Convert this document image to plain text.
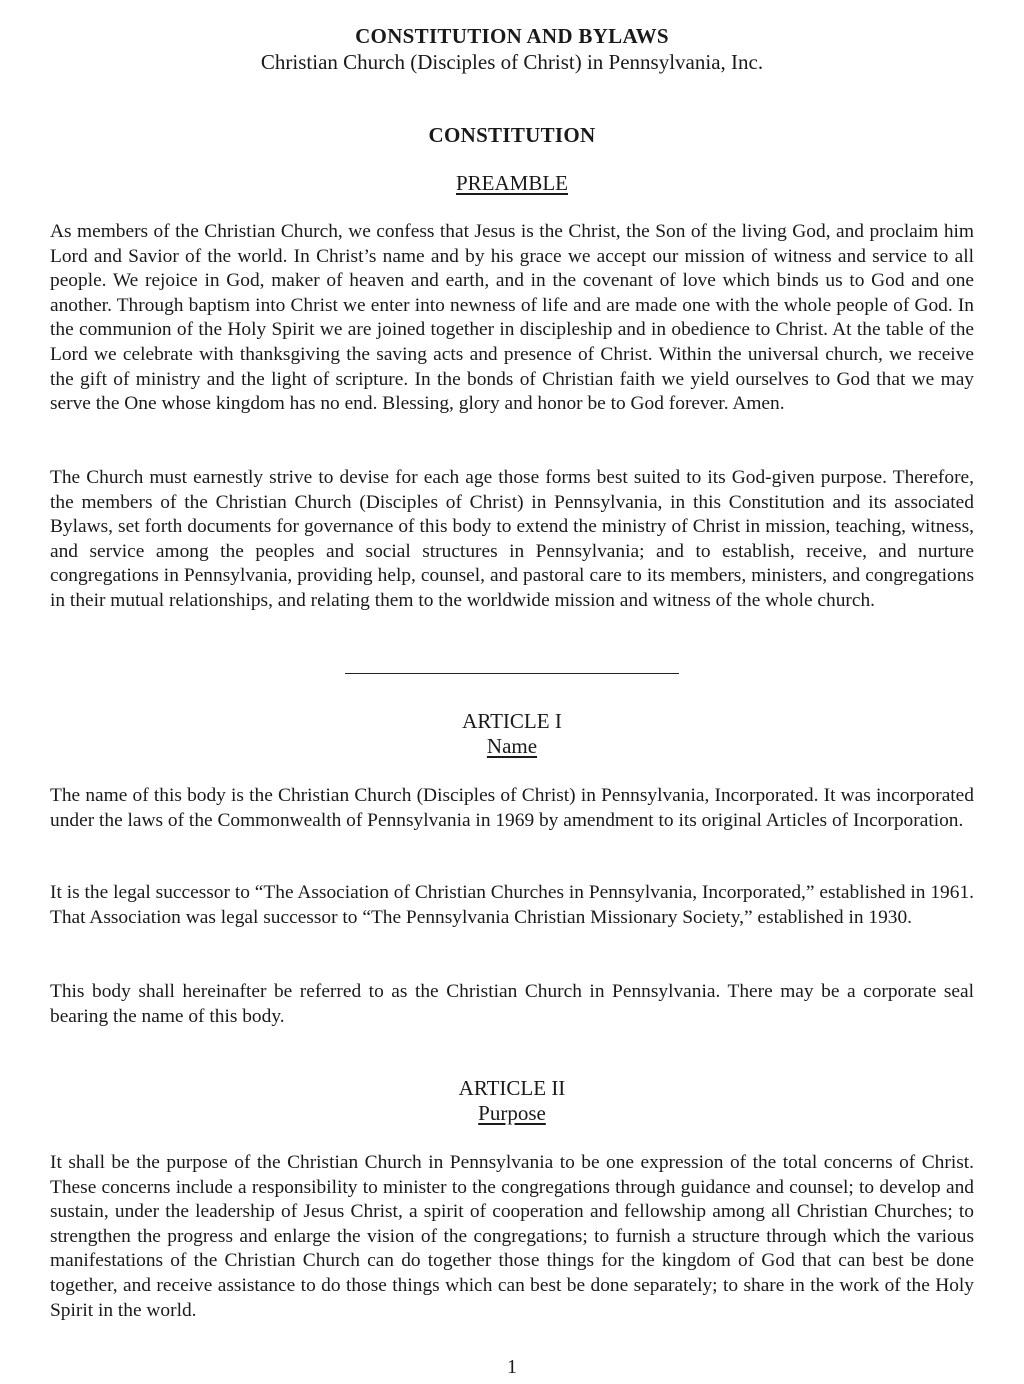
CONSTITUTION AND BYLAWS
Christian Church (Disciples of Christ) in Pennsylvania, Inc.
CONSTITUTION
PREAMBLE
As members of the Christian Church, we confess that Jesus is the Christ, the Son of the living God, and proclaim him Lord and Savior of the world. In Christ’s name and by his grace we accept our mission of witness and service to all people. We rejoice in God, maker of heaven and earth, and in the covenant of love which binds us to God and one another. Through baptism into Christ we enter into newness of life and are made one with the whole people of God. In the communion of the Holy Spirit we are joined together in discipleship and in obedience to Christ. At the table of the Lord we celebrate with thanksgiving the saving acts and presence of Christ. Within the universal church, we receive the gift of ministry and the light of scripture. In the bonds of Christian faith we yield ourselves to God that we may serve the One whose kingdom has no end. Blessing, glory and honor be to God forever. Amen.
The Church must earnestly strive to devise for each age those forms best suited to its God-given purpose. Therefore, the members of the Christian Church (Disciples of Christ) in Pennsylvania, in this Constitution and its associated Bylaws, set forth documents for governance of this body to extend the ministry of Christ in mission, teaching, witness, and service among the peoples and social structures in Pennsylvania; and to establish, receive, and nurture congregations in Pennsylvania, providing help, counsel, and pastoral care to its members, ministers, and congregations in their mutual relationships, and relating them to the worldwide mission and witness of the whole church.
ARTICLE I
Name
The name of this body is the Christian Church (Disciples of Christ) in Pennsylvania, Incorporated. It was incorporated under the laws of the Commonwealth of Pennsylvania in 1969 by amendment to its original Articles of Incorporation.
It is the legal successor to “The Association of Christian Churches in Pennsylvania, Incorporated,” established in 1961. That Association was legal successor to “The Pennsylvania Christian Missionary Society,” established in 1930.
This body shall hereinafter be referred to as the Christian Church in Pennsylvania. There may be a corporate seal bearing the name of this body.
ARTICLE II
Purpose
It shall be the purpose of the Christian Church in Pennsylvania to be one expression of the total concerns of Christ. These concerns include a responsibility to minister to the congregations through guidance and counsel; to develop and sustain, under the leadership of Jesus Christ, a spirit of cooperation and fellowship among all Christian Churches; to strengthen the progress and enlarge the vision of the congregations; to furnish a structure through which the various manifestations of the Christian Church can do together those things for the kingdom of God that can best be done together, and receive assistance to do those things which can best be done separately; to share in the work of the Holy Spirit in the world.
1
